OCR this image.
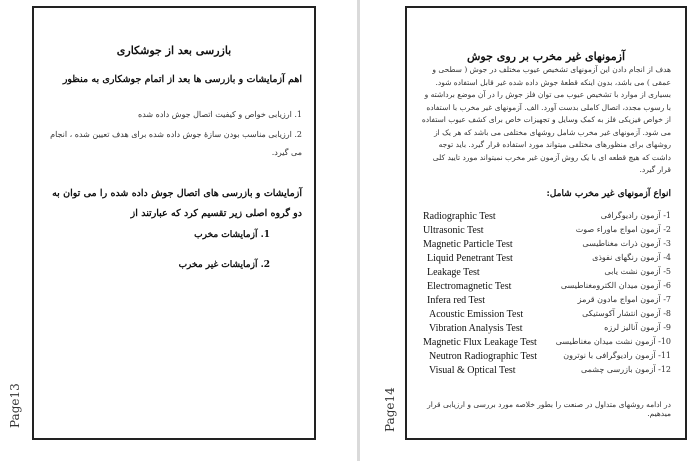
Page13
بازرسی بعد از جوشکاری
اهم آزمایشات و بازرسی ها بعد از اتمام جوشکاری به منظور
1. ارزیابی خواص و کیفیت اتصال جوش داده شده
2. ارزیابی مناسب بودن سازهٔ جوش داده شده برای هدف تعیین شده ، انجام می گیرد.
آزمایشات و بازرسی های اتصال جوش داده شده را می توان به دو گروه اصلی زیر تقسیم کرد که عبارتند از
1. آزمایشات مخرب
2. آزمایشات غیر مخرب
Page14
آزمونهای غیر مخرب بر روی جوش
هدف از انجام دادن این آزمونهای تشخیص عیوب مختلف در جوش ( سطحی و عمقی ) می باشد، بدون اینکه قطعهٔ جوش داده شده غیر قابل استفاده شود. بسیاری از موارد با تشخیص عیوب می توان فلز جوش را در آن موضع برداشته و با رسوب مجدد، اتصال کاملی بدست آورد. الف. آزمونهای غیر مخرب با استفاده از خواص فیزیکی فلز به کمک وسایل و تجهیزات خاص برای کشف عیوب استفاده می شود. آزمونهای غیر مخرب شامل روشهای مختلفی می باشد که هر یک از روشهای برای منظورهای مختلفی میتواند مورد استفاده قرار گیرد. باید توجه داشت که هیچ قطعه ای با یک روش آزمون غیر مخرب نمیتواند مورد تایید کلی قرار گیرد.
انواع آزمونهای غیر مخرب شامل:
1- آزمون رادیوگرافی
Radiographic Test
2- آزمون امواج ماوراء صوت
Ultrasonic Test
3- آزمون ذرات مغناطیسی
Magnetic Particle Test
4- آزمون رنگهای نفوذی
Liquid Penetrant Test
5- آزمون نشت یابی
Leakage Test
6- آزمون میدان الکترومغناطیسی
Electromagnetic Test
7- آزمون امواج مادون قرمز
Infera red Test
8- آزمون انتشار آکوستیکی
Acoustic Emission Test
9- آزمون آنالیز لرزه
Vibration Analysis Test
10- آزمون نشت میدان مغناطیسی
Magnetic Flux Leakage Test
11- آزمون رادیوگرافی با نوترون
Neutron Radiographic Test
12- آزمون بازرسی چشمی
Visual & Optical Test
در ادامه روشهای متداول در صنعت را بطور خلاصه مورد بررسی و ارزیابی قرار میدهیم.
